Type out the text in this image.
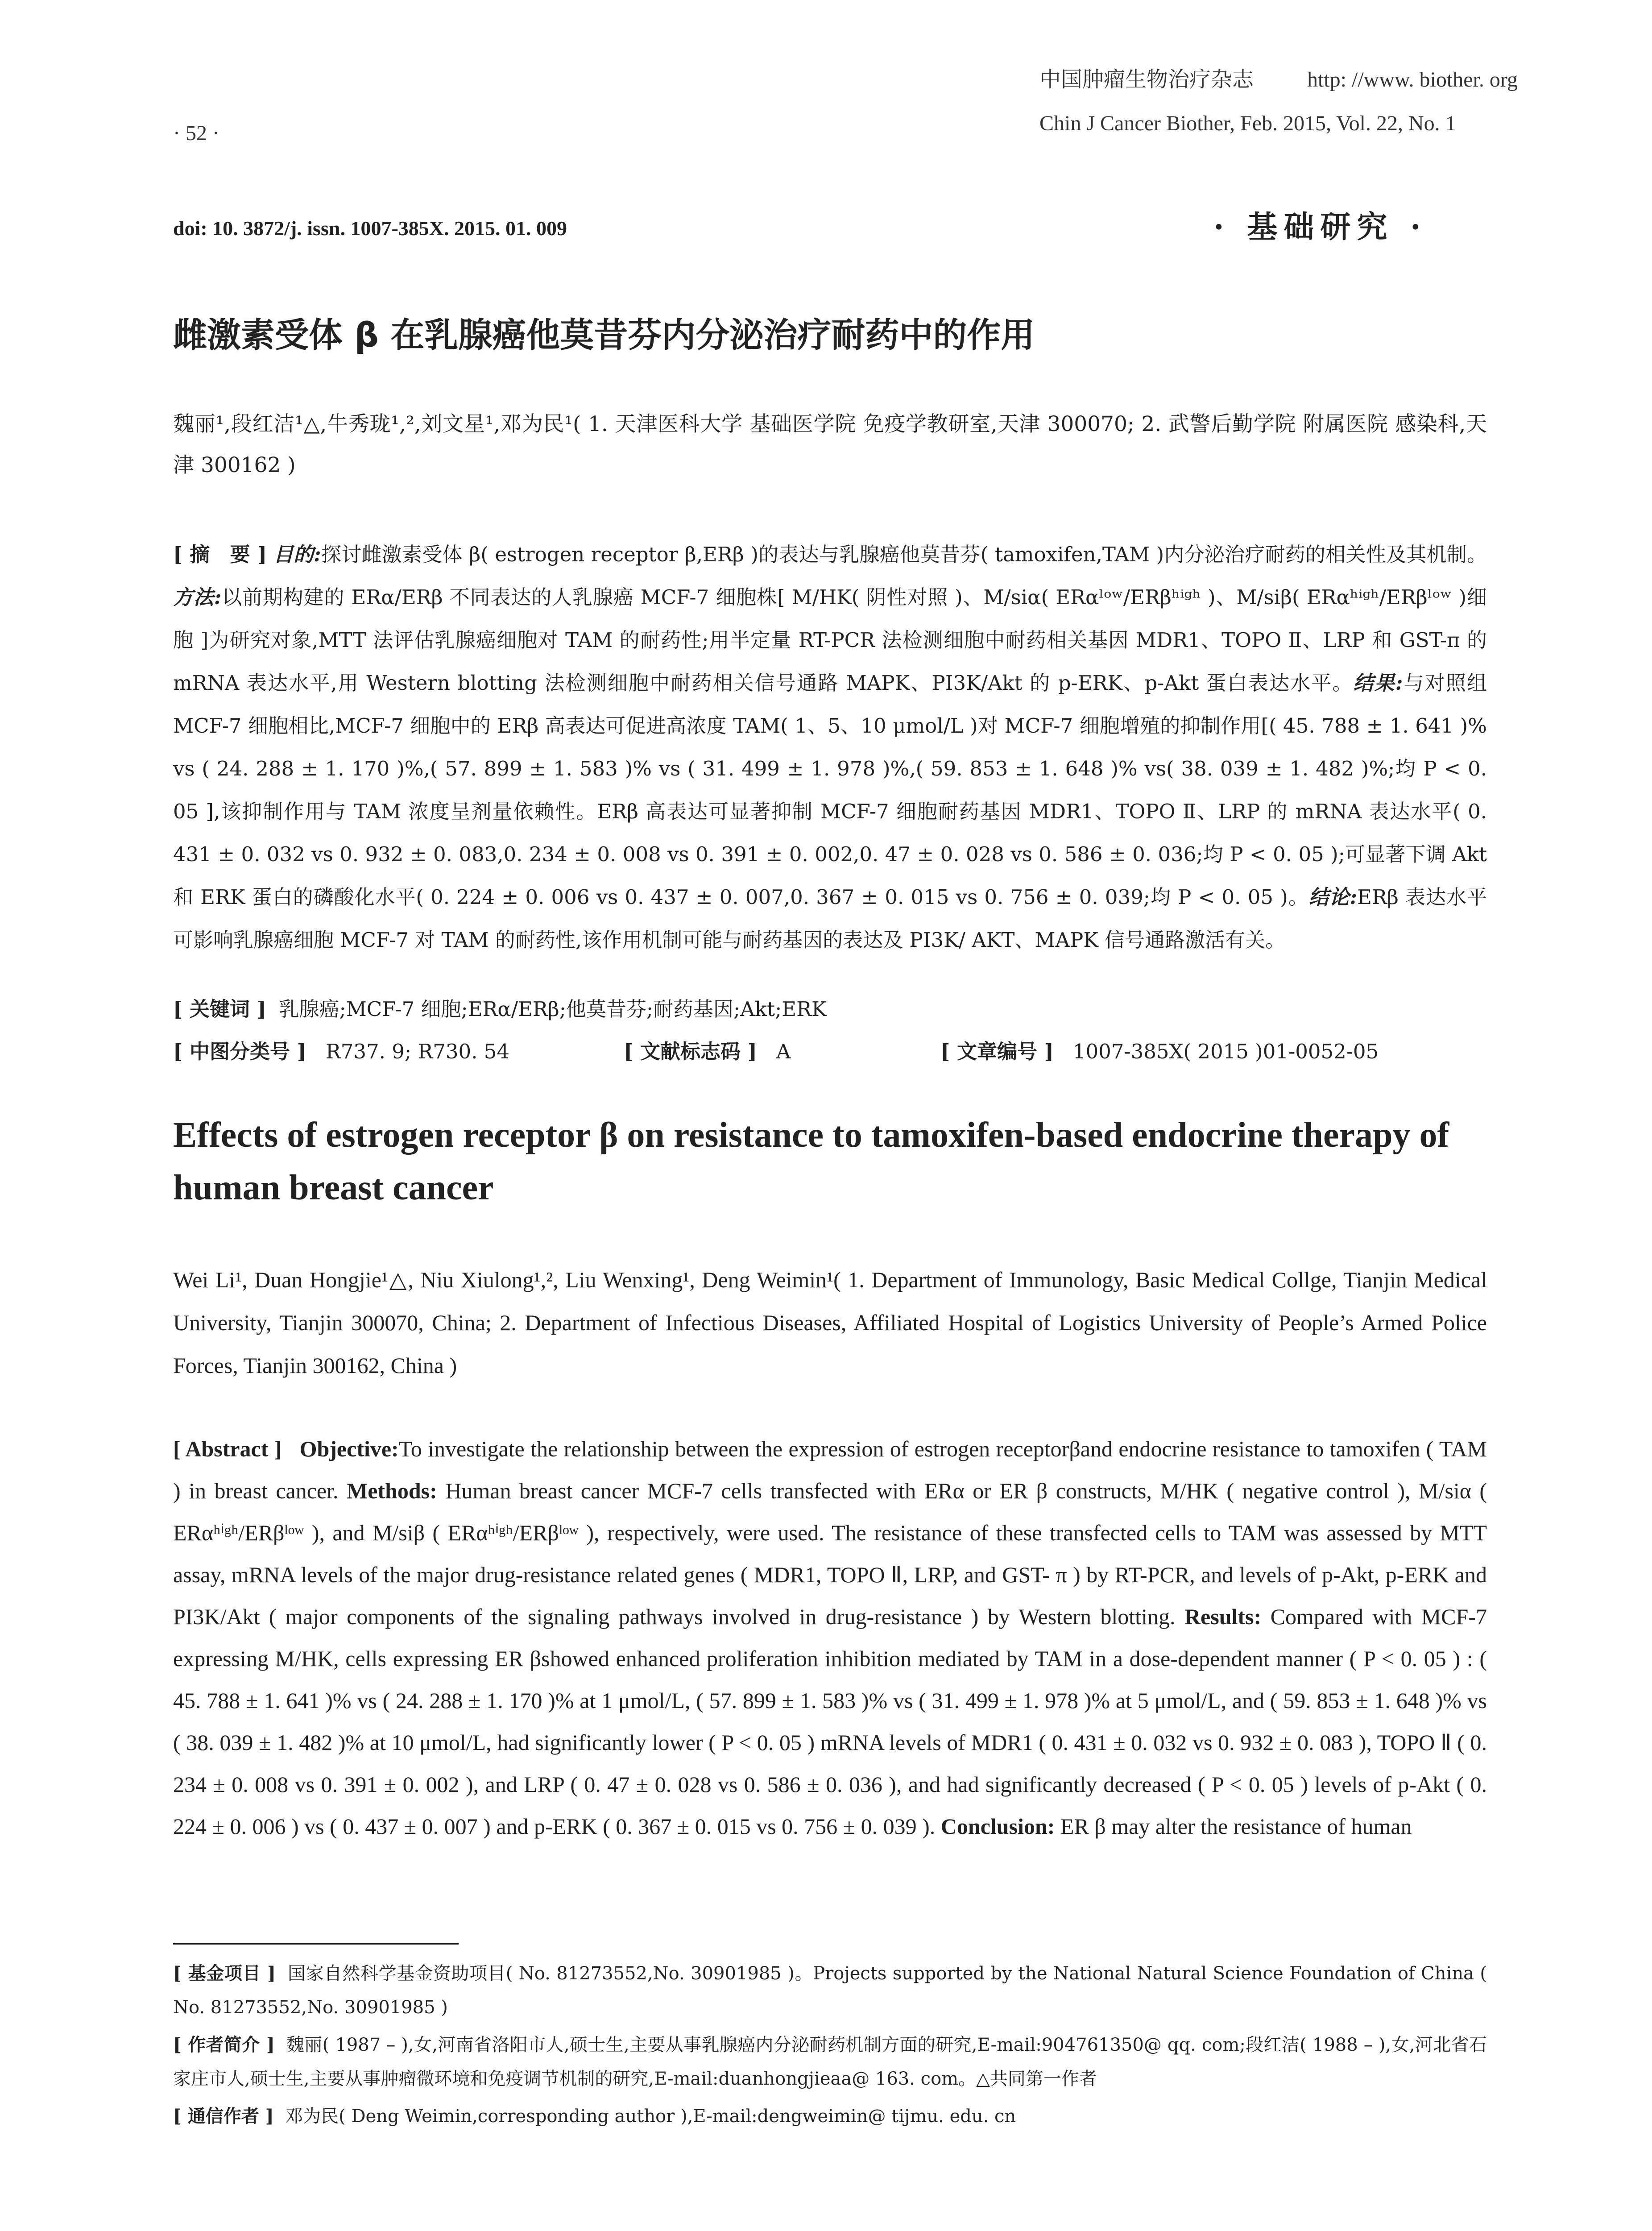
中国肿瘤生物治疗杂志 http: //www. biother. org
Chin J Cancer Biother, Feb. 2015, Vol. 22, No. 1
· 52 ·
doi: 10. 3872/j. issn. 1007-385X. 2015. 01. 009	· 基础研究 ·
雌激素受体 β 在乳腺癌他莫昔芬内分泌治疗耐药中的作用
魏丽¹,段红洁¹△,牛秀珑¹,²,刘文星¹,邓为民¹( 1. 天津医科大学 基础医学院 免疫学教研室,天津 300070; 2. 武警后勤学院 附属医院 感染科,天津 300162 )
[ 摘　要 ] 目的:探讨雌激素受体 β( estrogen receptor β,ERβ )的表达与乳腺癌他莫昔芬( tamoxifen,TAM )内分泌治疗耐药的相关性及其机制。方法:以前期构建的 ERα/ERβ 不同表达的人乳腺癌 MCF-7 细胞株[ M/HK( 阴性对照 )、M/siα( ERαˡᵒʷ/ERβʰⁱᵍʰ )、M/siβ( ERαʰⁱᵍʰ/ERβˡᵒʷ )细胞 ]为研究对象,MTT 法评估乳腺癌细胞对 TAM 的耐药性;用半定量 RT-PCR 法检测细胞中耐药相关基因 MDR1、TOPO Ⅱ、LRP 和 GST-π 的 mRNA 表达水平,用 Western blotting 法检测细胞中耐药相关信号通路 MAPK、PI3K/Akt 的 p-ERK、p-Akt 蛋白表达水平。结果:与对照组 MCF-7 细胞相比,MCF-7 细胞中的 ERβ 高表达可促进高浓度 TAM( 1、5、10 μmol/L )对 MCF-7 细胞增殖的抑制作用[( 45. 788 ± 1. 641 )% vs ( 24. 288 ± 1. 170 )%,( 57. 899 ± 1. 583 )% vs ( 31. 499 ± 1. 978 )%,( 59. 853 ± 1. 648 )% vs( 38. 039 ± 1. 482 )%;均 P < 0. 05 ],该抑制作用与 TAM 浓度呈剂量依赖性。ERβ 高表达可显著抑制 MCF-7 细胞耐药基因 MDR1、TOPO Ⅱ、LRP 的 mRNA 表达水平( 0. 431 ± 0. 032 vs 0. 932 ± 0. 083,0. 234 ± 0. 008 vs 0. 391 ± 0. 002,0. 47 ± 0. 028 vs 0. 586 ± 0. 036;均 P < 0. 05 );可显著下调 Akt 和 ERK 蛋白的磷酸化水平( 0. 224 ± 0. 006 vs 0. 437 ± 0. 007,0. 367 ± 0. 015 vs 0. 756 ± 0. 039;均 P < 0. 05 )。结论:ERβ 表达水平可影响乳腺癌细胞 MCF-7 对 TAM 的耐药性,该作用机制可能与耐药基因的表达及 PI3K/ AKT、MAPK 信号通路激活有关。
[ 关键词 ] 乳腺癌;MCF-7 细胞;ERα/ERβ;他莫昔芬;耐药基因;Akt;ERK
[ 中图分类号 ] R737. 9; R730. 54	[ 文献标志码 ] A	[ 文章编号 ] 1007-385X( 2015 )01-0052-05
Effects of estrogen receptor β on resistance to tamoxifen-based endocrine therapy of human breast cancer
Wei Li¹, Duan Hongjie¹△, Niu Xiulong¹,², Liu Wenxing¹, Deng Weimin¹( 1. Department of Immunology, Basic Medical Collge, Tianjin Medical University, Tianjin 300070, China; 2. Department of Infectious Diseases, Affiliated Hospital of Logistics University of People’s Armed Police Forces, Tianjin 300162, China )
[ Abstract ] Objective:To investigate the relationship between the expression of estrogen receptorβand endocrine resistance to tamoxifen ( TAM ) in breast cancer. Methods: Human breast cancer MCF-7 cells transfected with ERα or ER β constructs, M/HK ( negative control ), M/siα ( ERαʰⁱᵍʰ/ERβˡᵒʷ ), and M/siβ ( ERαʰⁱᵍʰ/ERβˡᵒʷ ), respectively, were used. The resistance of these transfected cells to TAM was assessed by MTT assay, mRNA levels of the major drug-resistance related genes ( MDR1, TOPO Ⅱ, LRP, and GST- π ) by RT-PCR, and levels of p-Akt, p-ERK and PI3K/Akt ( major components of the signaling pathways involved in drug-resistance ) by Western blotting. Results: Compared with MCF-7 expressing M/HK, cells expressing ER βshowed enhanced proliferation inhibition mediated by TAM in a dose-dependent manner ( P < 0. 05 ) : ( 45. 788 ± 1. 641 )% vs ( 24. 288 ± 1. 170 )% at 1 μmol/L, ( 57. 899 ± 1. 583 )% vs ( 31. 499 ± 1. 978 )% at 5 μmol/L, and ( 59. 853 ± 1. 648 )% vs ( 38. 039 ± 1. 482 )% at 10 μmol/L, had significantly lower ( P < 0. 05 ) mRNA levels of MDR1 ( 0. 431 ± 0. 032 vs 0. 932 ± 0. 083 ), TOPO Ⅱ ( 0. 234 ± 0. 008 vs 0. 391 ± 0. 002 ), and LRP ( 0. 47 ± 0. 028 vs 0. 586 ± 0. 036 ), and had significantly decreased ( P < 0. 05 ) levels of p-Akt ( 0. 224 ± 0. 006 ) vs ( 0. 437 ± 0. 007 ) and p-ERK ( 0. 367 ± 0. 015 vs 0. 756 ± 0. 039 ). Conclusion: ER β may alter the resistance of human
[ 基金项目 ] 国家自然科学基金资助项目( No. 81273552,No. 30901985 )。Projects supported by the National Natural Science Foundation of China ( No. 81273552,No. 30901985 )
[ 作者简介 ] 魏丽( 1987 – ),女,河南省洛阳市人,硕士生,主要从事乳腺癌内分泌耐药机制方面的研究,E-mail:904761350@ qq. com;段红洁( 1988 – ),女,河北省石家庄市人,硕士生,主要从事肿瘤微环境和免疫调节机制的研究,E-mail:duanhongjieaa@ 163. com。△共同第一作者
[ 通信作者 ] 邓为民( Deng Weimin,corresponding author ),E-mail:dengweimin@ tijmu. edu. cn
